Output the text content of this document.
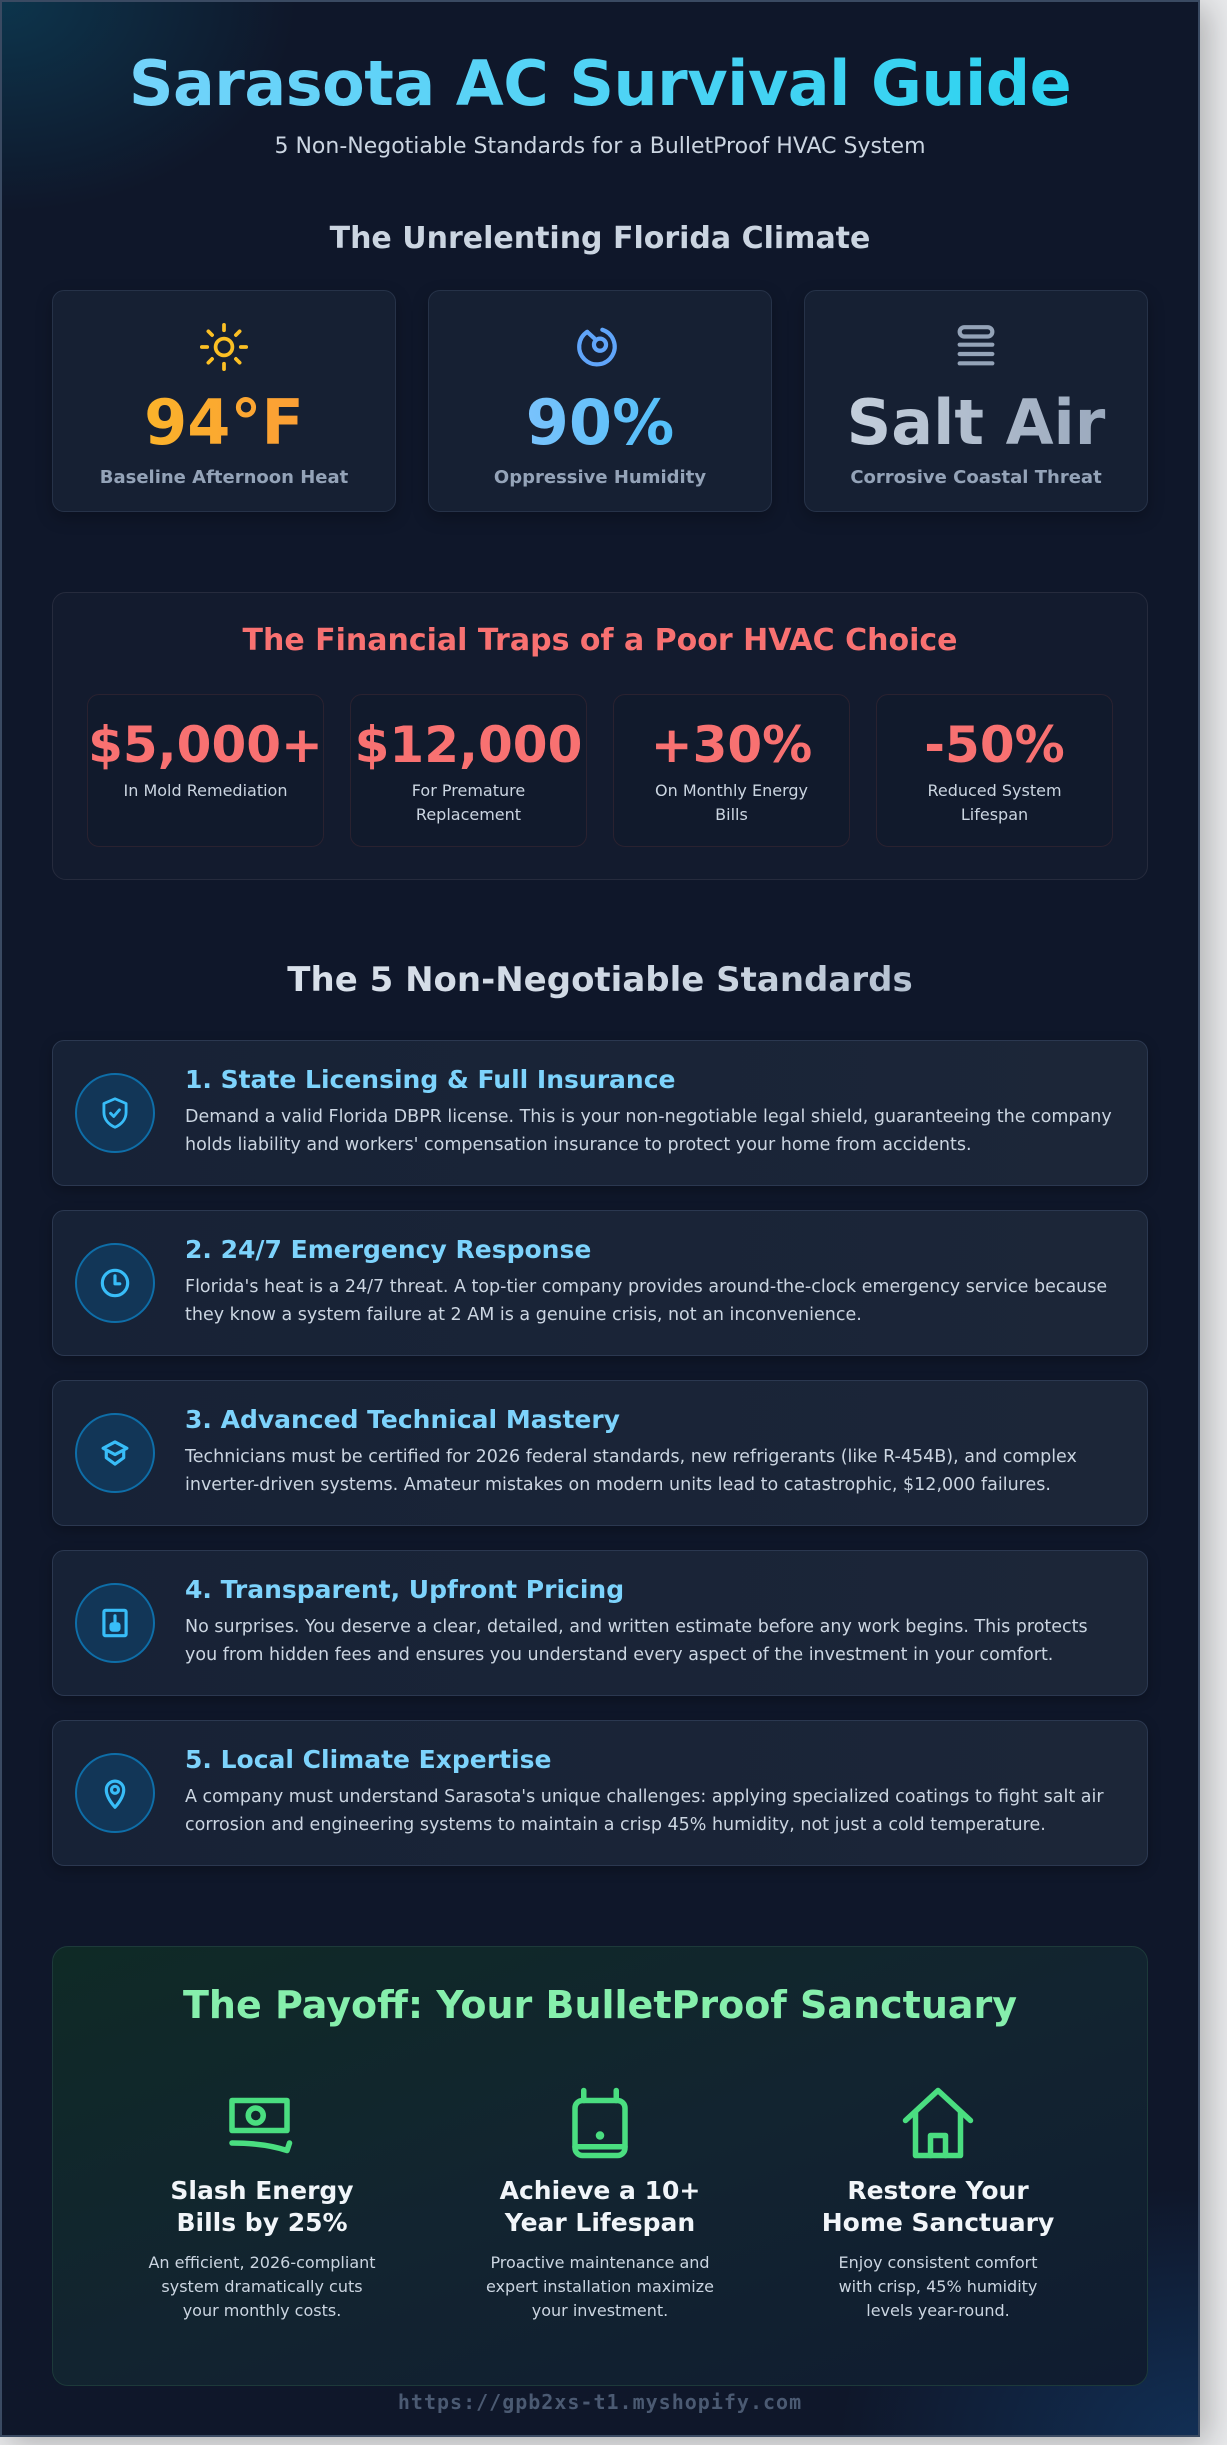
Sarasota AC Survival Guide

5 Non-Negotiable Standards for a BulletProof HVAC System

The Unrelenting Florida Climate
94°F
Baseline Afternoon Heat
90%
Oppressive Humidity
Salt Air
Corrosive Coastal Threat
The Financial Traps of a Poor HVAC Choice
$5,000+
In Mold Remediation
$12,000
For Premature Replacement
+30%
On Monthly Energy Bills
-50%
Reduced System Lifespan
The 5 Non-Negotiable Standards
1. State Licensing & Full Insurance
Demand a valid Florida DBPR license. This is your non-negotiable legal shield, guaranteeing the company holds liability and workers' compensation insurance to protect your home from accidents.
2. 24/7 Emergency Response
Florida's heat is a 24/7 threat. A top-tier company provides around-the-clock emergency service because they know a system failure at 2 AM is a genuine crisis, not an inconvenience.
3. Advanced Technical Mastery
Technicians must be certified for 2026 federal standards, new refrigerants (like R-454B), and complex inverter-driven systems. Amateur mistakes on modern units lead to catastrophic, $12,000 failures.
4. Transparent, Upfront Pricing
No surprises. You deserve a clear, detailed, and written estimate before any work begins. This protects you from hidden fees and ensures you understand every aspect of the investment in your comfort.
5. Local Climate Expertise
A company must understand Sarasota's unique challenges: applying specialized coatings to fight salt air corrosion and engineering systems to maintain a crisp 45% humidity, not just a cold temperature.
The Payoff: Your BulletProof Sanctuary
Slash Energy Bills by 25%
An efficient, 2026-compliant system dramatically cuts your monthly costs.
Achieve a 10+ Year Lifespan
Proactive maintenance and expert installation maximize your investment.
Restore Your Home Sanctuary
Enjoy consistent comfort with crisp, 45% humidity levels year-round.
https://gpb2xs-t1.myshopify.com
